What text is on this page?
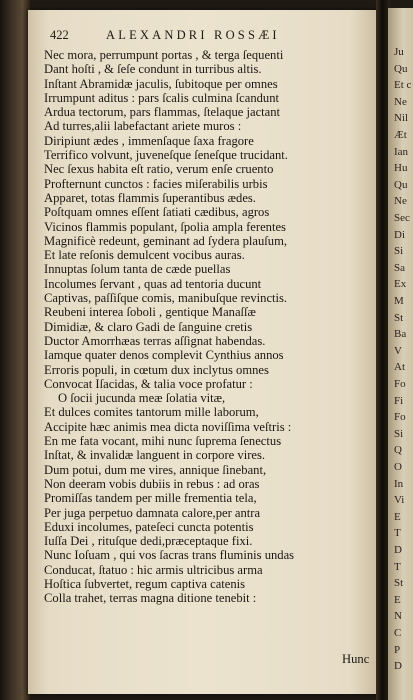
422	ALEXANDRI ROSSÆI
Nec mora, perrumpunt portas , & terga ſequenti
Dant hoſti , & ſeſe condunt in turribus altis.
Inſtant Abramidæ jaculis, ſubitoque per omnes
Irrumpunt aditus : pars ſcalis culmina ſcandunt
Ardua tectorum, pars flammas, ſtelaque jactant
Ad turres,alii labefactant ariete muros :
Diripiunt ædes , immenſaque ſaxa fragore
Terrifico volvunt, juveneſque ſeneſque trucidant.
Nec ſexus habita eſt ratio, verum enſe cruento
Profternunt cunctos : facies miſerabilis urbis
Apparet, totas flammis ſuperantibus ædes.
Poſtquam omnes eſſent ſatiati cædibus, agros
Vicinos flammis populant, ſpolia ampla ferentes
Magnificè redeunt, geminant ad ſydera plauſum,
Et late reſonis demulcent vocibus auras.
Innuptas ſolum tanta de cæde puellas
Incolumes ſervant , quas ad tentoria ducunt
Captivas, paſſiſque comis, manibuſque revinctis.
Reubeni interea ſoboli , gentique Manaſſæ
Dimidiæ, & claro Gadi de ſanguine cretis
Ductor Amorrhæas terras aſſignat habendas.
Iamque quater denos complevit Cynthius annos
Erroris populi, in cœtum dux inclytus omnes
Convocat Iſacidas, & talia voce profatur :
O ſocii jucunda meæ ſolatia vitæ,
Et dulces comites tantorum mille laborum,
Accipite hæc animis mea dicta noviſſima veſtris :
En me fata vocant, mihi nunc ſuprema ſenectus
Inſtat, & invalidæ languent in corpore vires.
Dum potui, dum me vires, annique ſinebant,
Non deeram vobis dubiis in rebus : ad oras
Promiſſas tandem per mille frementia tela,
Per juga perpetuo damnata calore,per antra
Eduxi incolumes, pateſeci cuncta potentis
Iuſſa Dei , rituſque dedi,præceptaque fixi.
Nunc Ioſuam , qui vos ſacras trans fluminis undas
Conducat, ſtatuo : hic armis ultricibus arma
Hoſtica ſubvertet, regum captiva catenis
Colla trahet, terras magna ditione tenebit :
Hunc
Ju
Qu
Et c
Ne
Nil
Æt
Ian
Hu
Qu
Ne
Sec
Di
Si
Sa
Ex
M
St
Ba
V
At
Fo
Fi
Fo
Si
Q
O
In
Vi
E
T
D
T
St
E
N
C
P
D
